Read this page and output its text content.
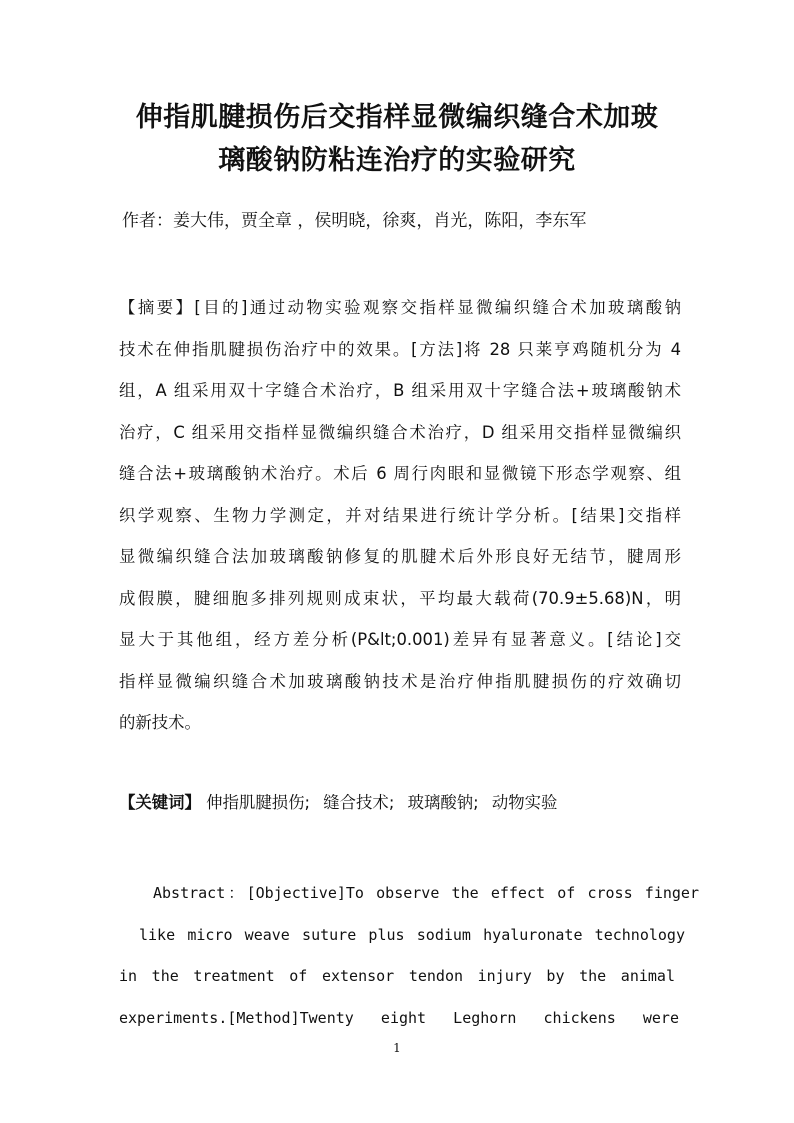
伸指肌腱损伤后交指样显微编织缝合术加玻
璃酸钠防粘连治疗的实验研究
作者：姜大伟，贾全章 ，侯明晓，徐爽，肖光，陈阳，李东军
【摘要】[目的]通过动物实验观察交指样显微编织缝合术加玻璃酸钠
技术在伸指肌腱损伤治疗中的效果。[方法]将 28 只莱亨鸡随机分为 4
组，A 组采用双十字缝合术治疗，B 组采用双十字缝合法+玻璃酸钠术
治疗，C 组采用交指样显微编织缝合术治疗，D 组采用交指样显微编织
缝合法+玻璃酸钠术治疗。术后 6 周行肉眼和显微镜下形态学观察、组
织学观察、生物力学测定，并对结果进行统计学分析。[结果]交指样
显微编织缝合法加玻璃酸钠修复的肌腱术后外形良好无结节，腱周形
成假膜，腱细胞多排列规则成束状，平均最大载荷(70.9±5.68)N，明
显大于其他组，经方差分析(P&lt;0.001)差异有显著意义。[结论]交
指样显微编织缝合术加玻璃酸钠技术是治疗伸指肌腱损伤的疗效确切
的新技术。
【关键词】 伸指肌腱损伤; 缝合技术; 玻璃酸钠; 动物实验
Abstract：[Objective]To observe the effect of cross finger
like micro weave suture plus sodium hyaluronate technology
in the treatment of extensor tendon injury by the animal
experiments.[Method]Twenty eight Leghorn chickens were
1
